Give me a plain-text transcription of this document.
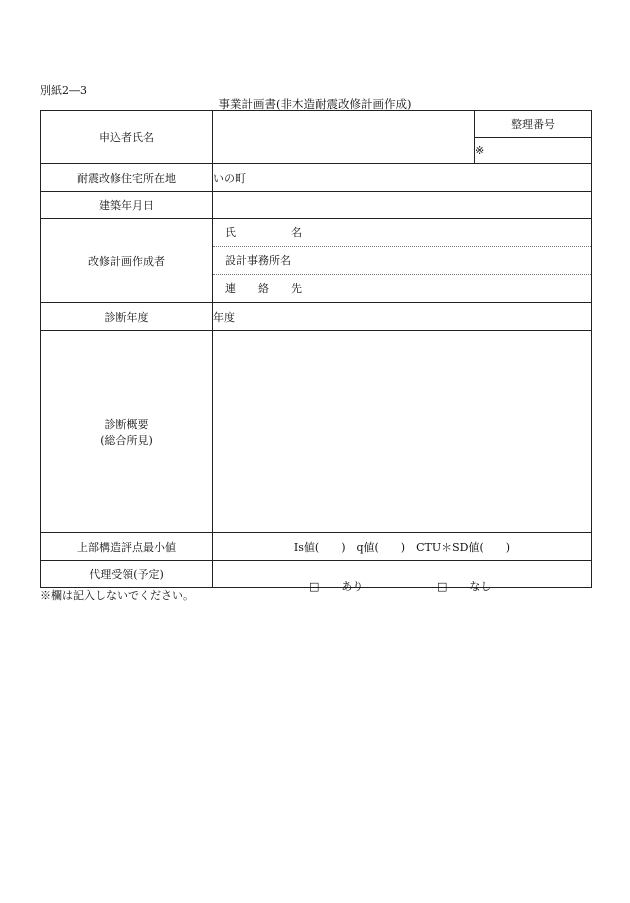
別紙2―3
事業計画書(非木造耐震改修計画作成)
申込者氏名		整理番号
		※
耐震改修住宅所在地	いの町	
建築年月日		
改修計画作成者	氏　　　　　名
設計事務所名
連　　絡　　先	

診断年度	年度	

診断概要
(総合所見)		

上部構造評点最小値	Is値(　　)　q値(　　)　CTU＊SD値(　　)	
代理受領(予定)	□　　あり □　　なし	
※欄は記入しないでください。
